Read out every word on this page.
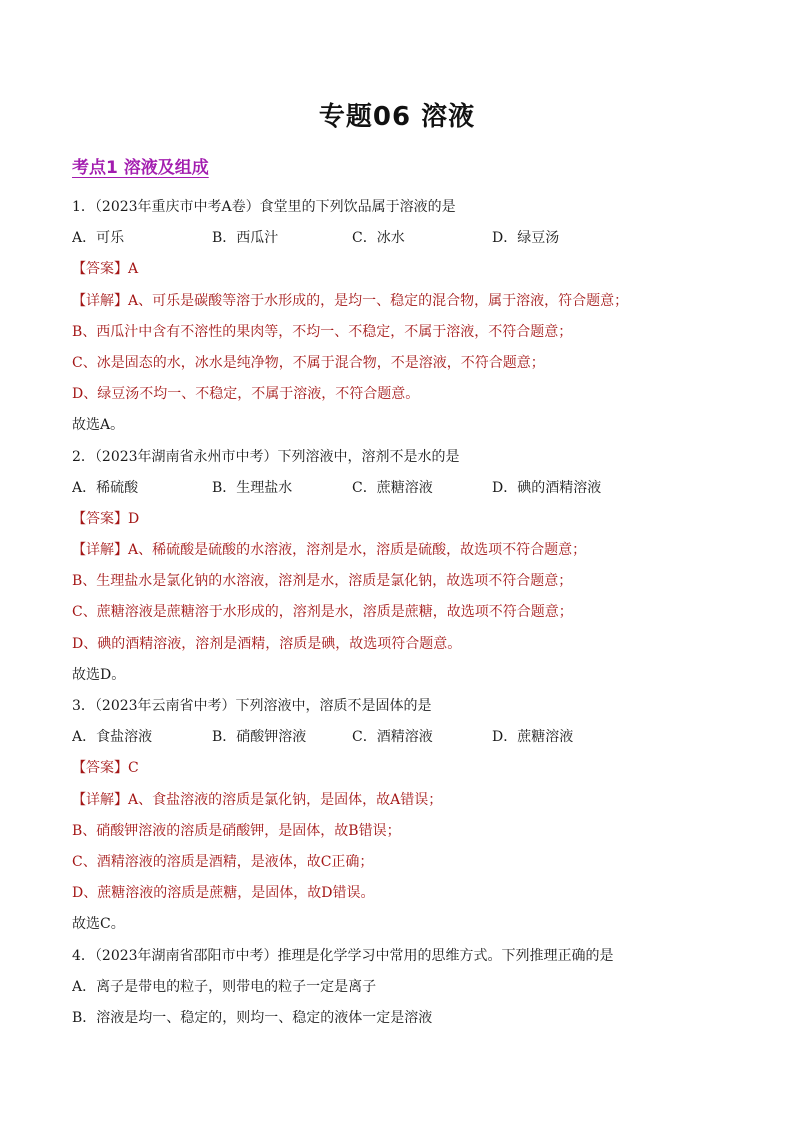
专题06 溶液
考点1 溶液及组成
1．（2023年重庆市中考A卷）食堂里的下列饮品属于溶液的是
A．可乐	B．西瓜汁	C．冰水	D．绿豆汤
【答案】A
【详解】A、可乐是碳酸等溶于水形成的，是均一、稳定的混合物，属于溶液，符合题意；
B、西瓜汁中含有不溶性的果肉等，不均一、不稳定，不属于溶液，不符合题意；
C、冰是固态的水，冰水是纯净物，不属于混合物，不是溶液，不符合题意；
D、绿豆汤不均一、不稳定，不属于溶液，不符合题意。
故选A。
2．（2023年湖南省永州市中考）下列溶液中，溶剂不是水的是
A．稀硫酸	B．生理盐水	C．蔗糖溶液	D．碘的酒精溶液
【答案】D
【详解】A、稀硫酸是硫酸的水溶液，溶剂是水，溶质是硫酸，故选项不符合题意；
B、生理盐水是氯化钠的水溶液，溶剂是水，溶质是氯化钠，故选项不符合题意；
C、蔗糖溶液是蔗糖溶于水形成的，溶剂是水，溶质是蔗糖，故选项不符合题意；
D、碘的酒精溶液，溶剂是酒精，溶质是碘，故选项符合题意。
故选D。
3．（2023年云南省中考）下列溶液中，溶质不是固体的是
A．食盐溶液	B．硝酸钾溶液	C．酒精溶液	D．蔗糖溶液
【答案】C
【详解】A、食盐溶液的溶质是氯化钠，是固体，故A错误；
B、硝酸钾溶液的溶质是硝酸钾，是固体，故B错误；
C、酒精溶液的溶质是酒精，是液体，故C正确；
D、蔗糖溶液的溶质是蔗糖，是固体，故D错误。
故选C。
4．（2023年湖南省邵阳市中考）推理是化学学习中常用的思维方式。下列推理正确的是
A．离子是带电的粒子，则带电的粒子一定是离子
B．溶液是均一、稳定的，则均一、稳定的液体一定是溶液
